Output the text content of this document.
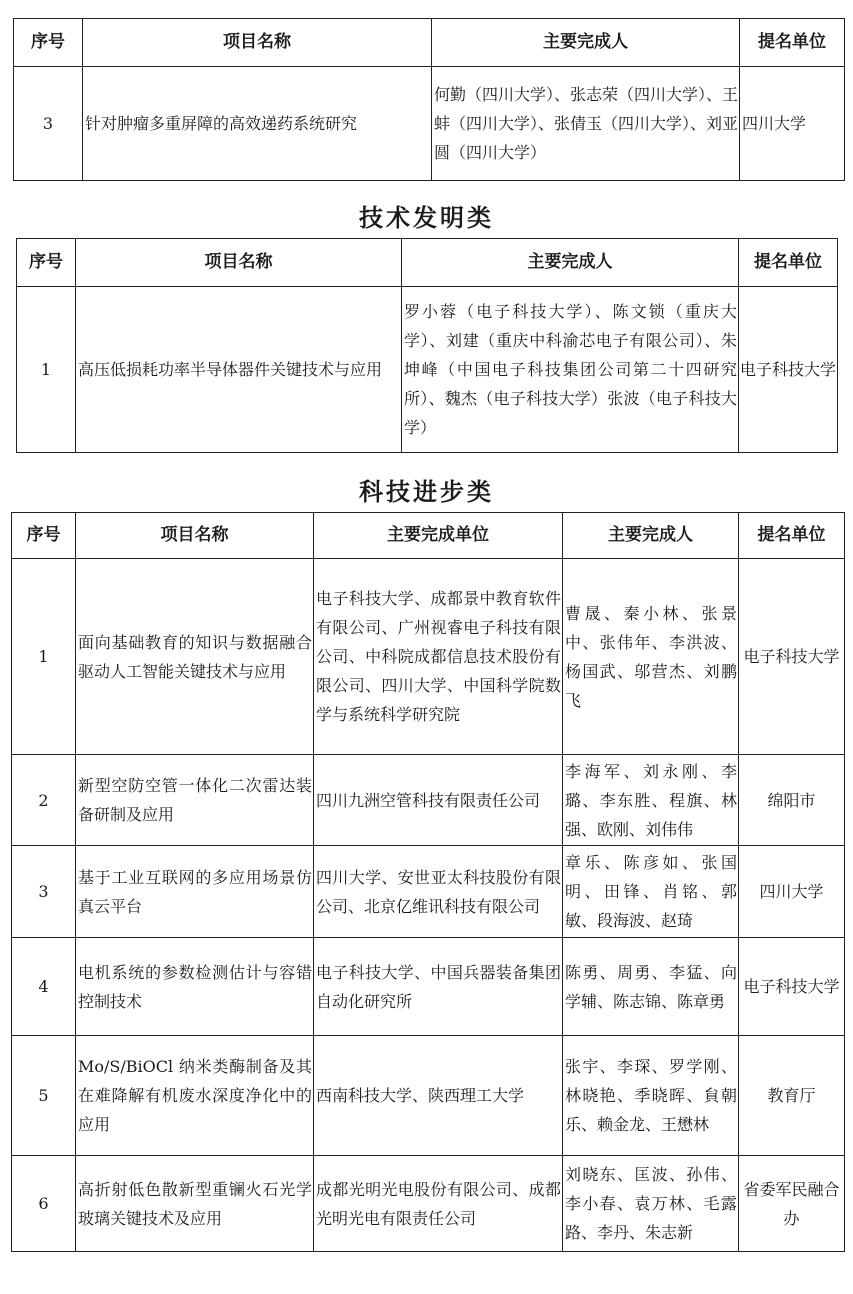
序号	项目名称	主要完成人	提名单位
3	针对肿瘤多重屏障的高效递药系统研究	何勤（四川大学）、张志荣（四川大学）、王蚌（四川大学）、张倩玉（四川大学）、刘亚圆（四川大学）	四川大学
技术发明类
序号	项目名称	主要完成人	提名单位
1	高压低损耗功率半导体器件关键技术与应用	罗小蓉（电子科技大学）、陈文锁（重庆大学）、刘建（重庆中科渝芯电子有限公司）、朱坤峰（中国电子科技集团公司第二十四研究所）、魏杰（电子科技大学）张波（电子科技大学）	电子科技大学
科技进步类
序号	项目名称	主要完成单位	主要完成人	提名单位
1	面向基础教育的知识与数据融合驱动人工智能关键技术与应用	电子科技大学、成都景中教育软件有限公司、广州视睿电子科技有限公司、中科院成都信息技术股份有限公司、四川大学、中国科学院数学与系统科学研究院	曹晟、秦小林、张景中、张伟年、李洪波、杨国武、邬营杰、刘鹏飞	电子科技大学
2	新型空防空管一体化二次雷达装备研制及应用	四川九洲空管科技有限责任公司	李海军、刘永刚、李璐、李东胜、程旗、林强、欧刚、刘伟伟	绵阳市
3	基于工业互联网的多应用场景仿真云平台	四川大学、安世亚太科技股份有限公司、北京亿维讯科技有限公司	章乐、陈彦如、张国明、田锋、肖铭、郭敏、段海波、赵琦	四川大学
4	电机系统的参数检测估计与容错控制技术	电子科技大学、中国兵器装备集团自动化研究所	陈勇、周勇、李猛、向学辅、陈志锦、陈章勇	电子科技大学
5	Mo/S/BiOCl 纳米类酶制备及其在难降解有机废水深度净化中的应用	西南科技大学、陕西理工大学	张宇、李琛、罗学刚、林晓艳、季晓晖、貟朝乐、赖金龙、王懋林	教育厅
6	高折射低色散新型重镧火石光学玻璃关键技术及应用	成都光明光电股份有限公司、成都光明光电有限责任公司	刘晓东、匡波、孙伟、李小春、袁万林、毛露路、李丹、朱志新	省委军民融合办
